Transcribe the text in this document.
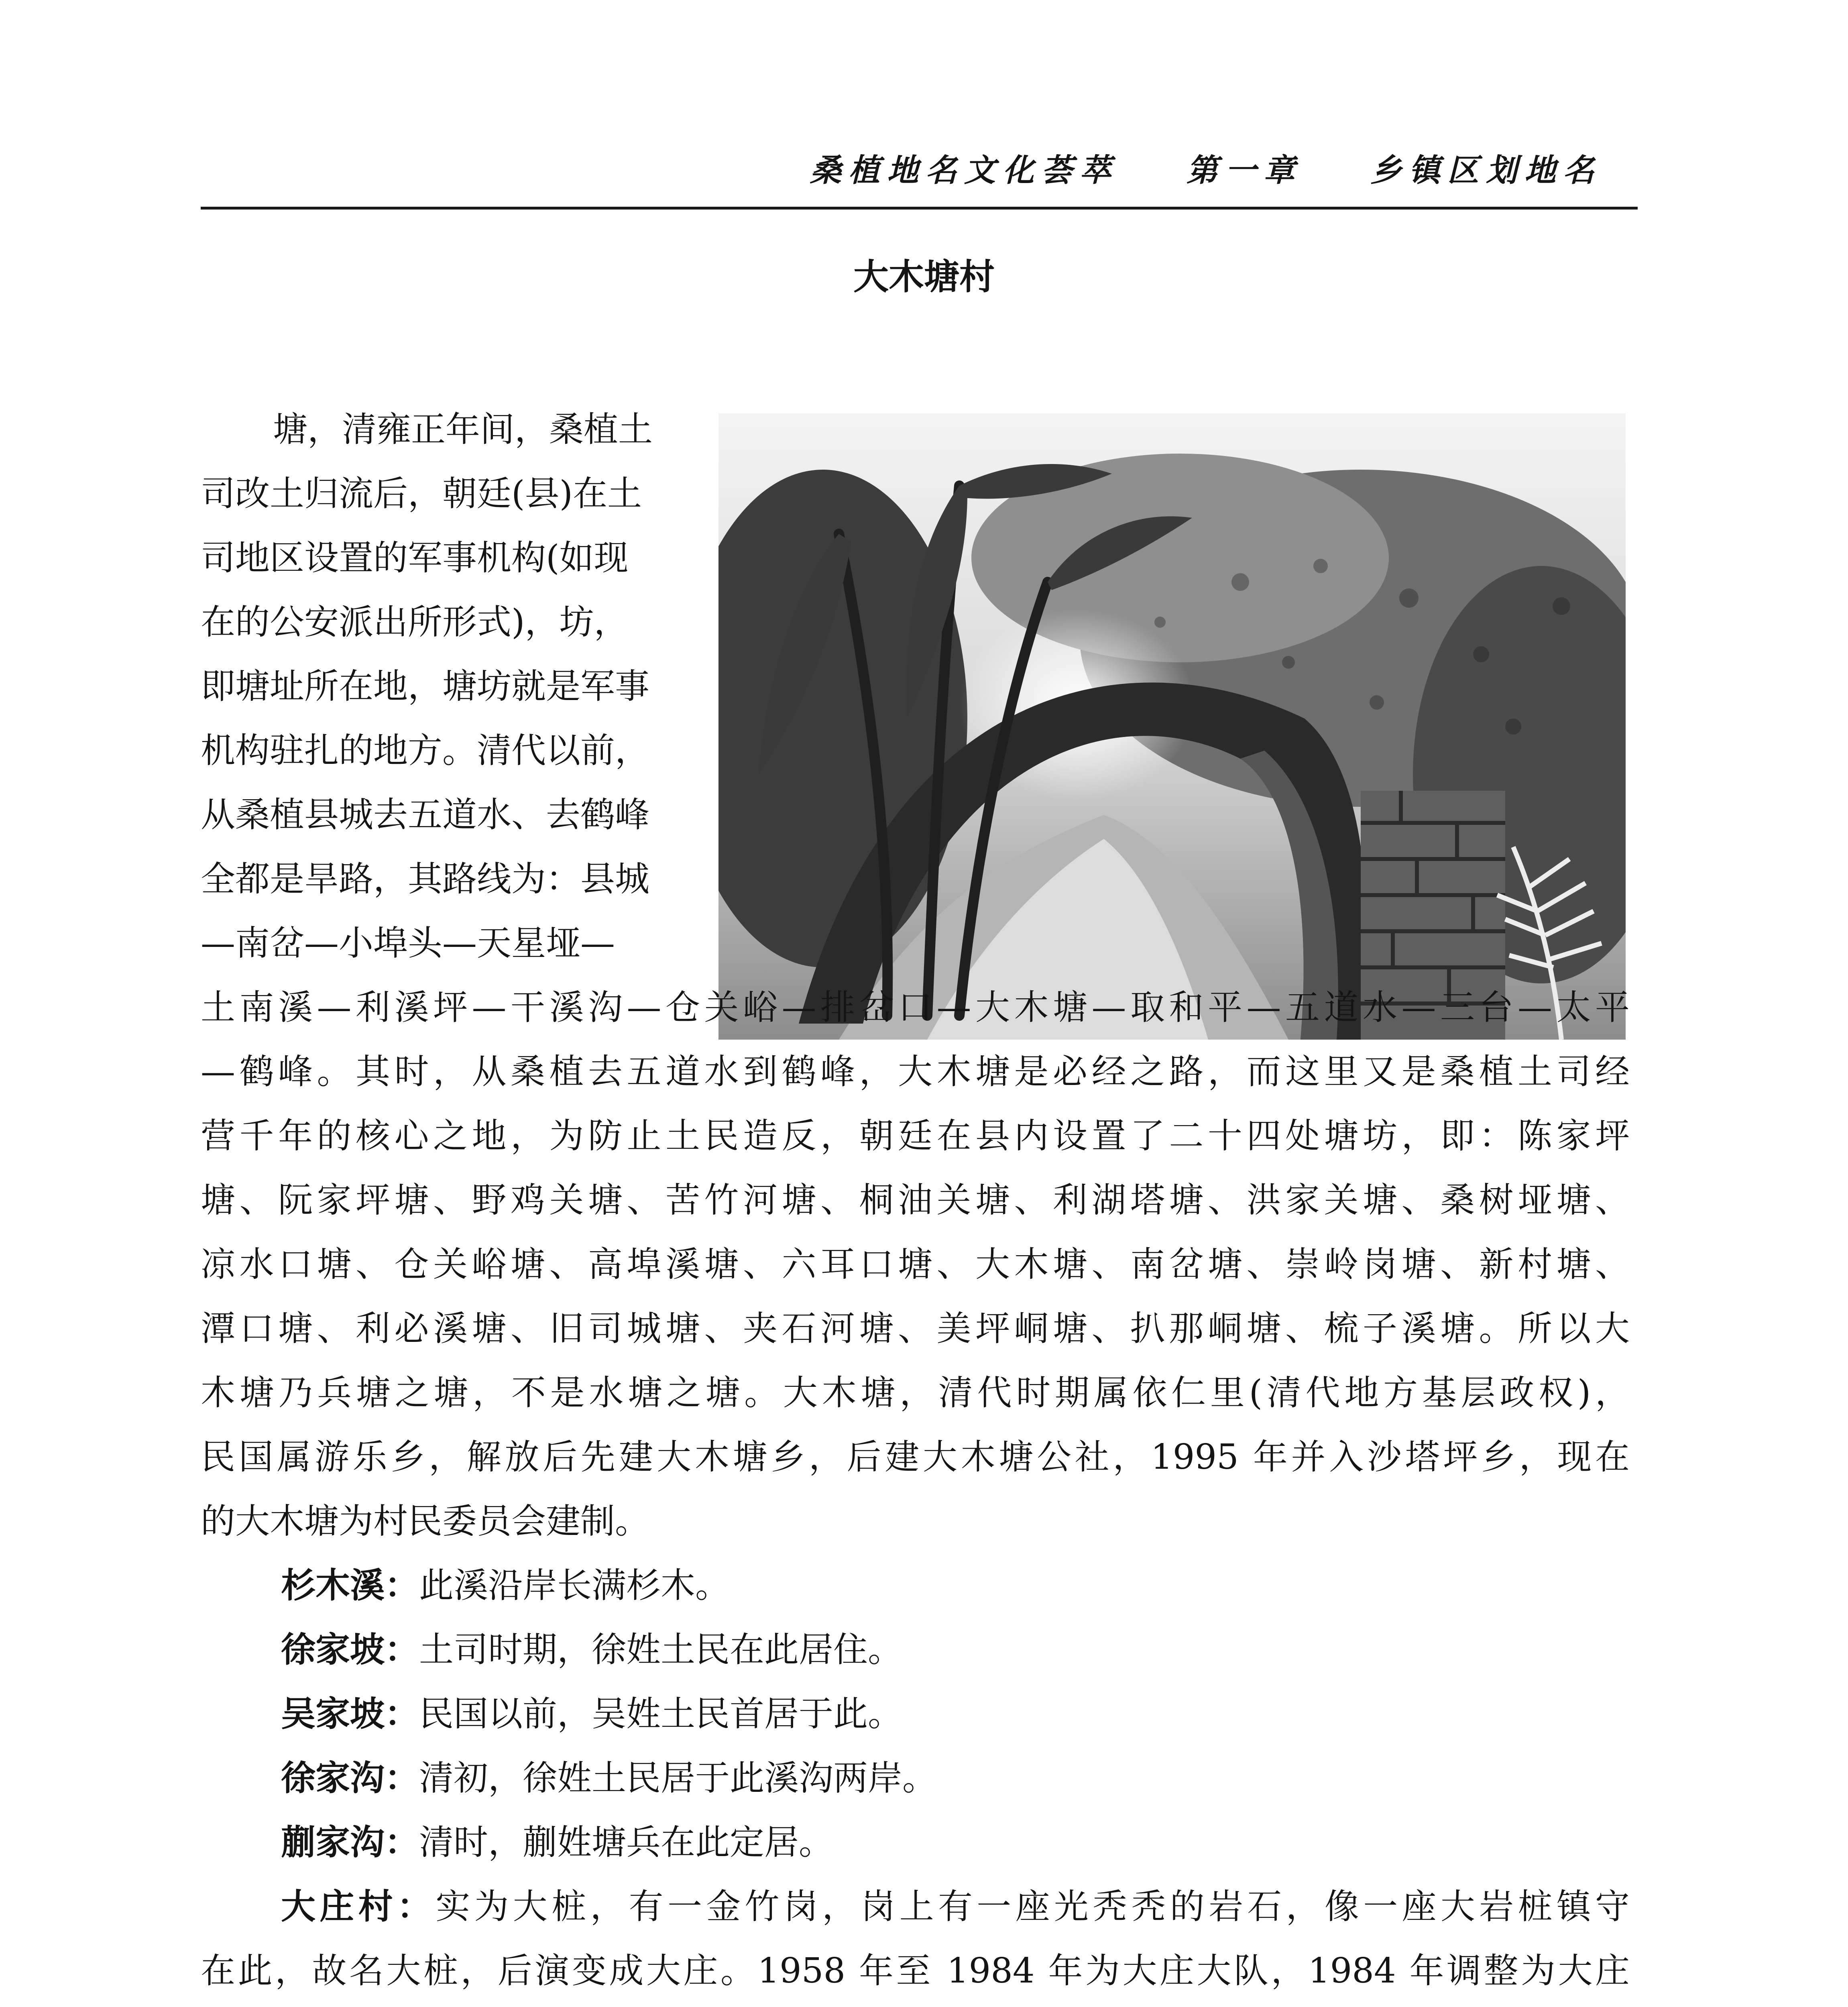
桑植地名文化荟萃 第一章 乡镇区划地名
大木塘村
塘，清雍正年间，桑植土
司改土归流后，朝廷(县)在土
司地区设置的军事机构(如现
在的公安派出所形式)，坊，
即塘址所在地，塘坊就是军事
机构驻扎的地方。清代以前，
从桑植县城去五道水、去鹤峰
全都是旱路，其路线为：县城
—南岔—小埠头—天星垭—
土南溪—利溪坪—干溪沟—仓关峪—排岔口—大木塘—取和平—五道水—三台—太平
—鹤峰。其时，从桑植去五道水到鹤峰，大木塘是必经之路，而这里又是桑植土司经
营千年的核心之地，为防止土民造反，朝廷在县内设置了二十四处塘坊，即：陈家坪
塘、阮家坪塘、野鸡关塘、苦竹河塘、桐油关塘、利湖塔塘、洪家关塘、桑树垭塘、
凉水口塘、仓关峪塘、高埠溪塘、六耳口塘、大木塘、南岔塘、崇岭岗塘、新村塘、
潭口塘、利必溪塘、旧司城塘、夹石河塘、美坪峒塘、扒那峒塘、梳子溪塘。所以大
木塘乃兵塘之塘，不是水塘之塘。大木塘，清代时期属依仁里(清代地方基层政权)，
民国属游乐乡，解放后先建大木塘乡，后建大木塘公社，1995 年并入沙塔坪乡，现在
的大木塘为村民委员会建制。
杉木溪：此溪沿岸长满杉木。
徐家坡：土司时期，徐姓土民在此居住。
吴家坡：民国以前，吴姓土民首居于此。
徐家沟：清初，徐姓土民居于此溪沟两岸。
蒯家沟：清时，蒯姓塘兵在此定居。
大庄村：实为大桩，有一金竹岗，岗上有一座光秃秃的岩石，像一座大岩桩镇守
在此，故名大桩，后演变成大庄。1958 年至 1984 年为大庄大队，1984 年调整为大庄
